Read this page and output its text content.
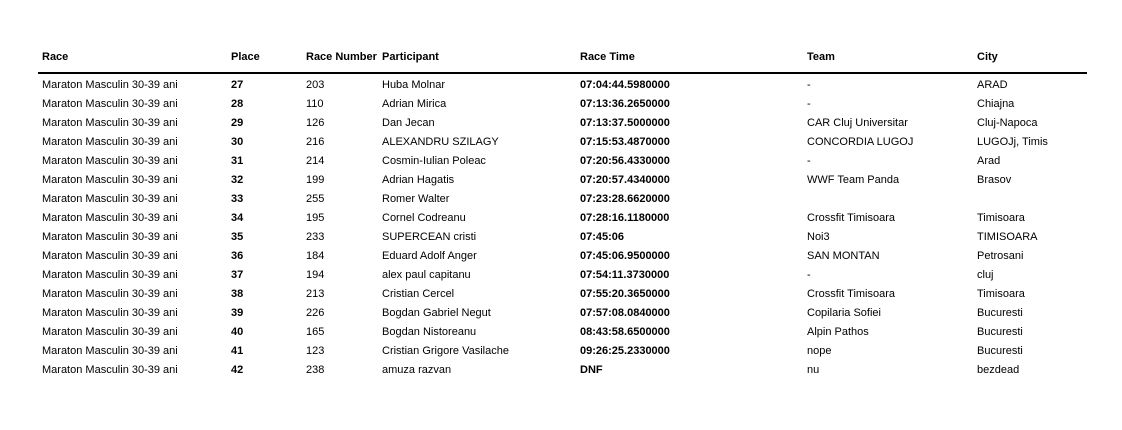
Race	Place	Race Number	Participant	Race Time	Team	City
Maraton Masculin 30-39 ani	27	203	Huba Molnar	07:04:44.5980000	-	ARAD
Maraton Masculin 30-39 ani	28	110	Adrian Mirica	07:13:36.2650000	-	Chiajna
Maraton Masculin 30-39 ani	29	126	Dan Jecan	07:13:37.5000000	CAR Cluj Universitar	Cluj-Napoca
Maraton Masculin 30-39 ani	30	216	ALEXANDRU SZILAGY	07:15:53.4870000	CONCORDIA LUGOJ	LUGOJj, Timis
Maraton Masculin 30-39 ani	31	214	Cosmin-Iulian Poleac	07:20:56.4330000	-	Arad
Maraton Masculin 30-39 ani	32	199	Adrian Hagatis	07:20:57.4340000	WWF Team Panda	Brasov
Maraton Masculin 30-39 ani	33	255	Romer Walter	07:23:28.6620000		
Maraton Masculin 30-39 ani	34	195	Cornel Codreanu	07:28:16.1180000	Crossfit Timisoara	Timisoara
Maraton Masculin 30-39 ani	35	233	SUPERCEAN cristi	07:45:06	Noi3	TIMISOARA
Maraton Masculin 30-39 ani	36	184	Eduard Adolf Anger	07:45:06.9500000	SAN MONTAN	Petrosani
Maraton Masculin 30-39 ani	37	194	alex paul capitanu	07:54:11.3730000	-	cluj
Maraton Masculin 30-39 ani	38	213	Cristian Cercel	07:55:20.3650000	Crossfit Timisoara	Timisoara
Maraton Masculin 30-39 ani	39	226	Bogdan Gabriel Negut	07:57:08.0840000	Copilaria Sofiei	Bucuresti
Maraton Masculin 30-39 ani	40	165	Bogdan Nistoreanu	08:43:58.6500000	Alpin Pathos	Bucuresti
Maraton Masculin 30-39 ani	41	123	Cristian Grigore Vasilache	09:26:25.2330000	nope	Bucuresti
Maraton Masculin 30-39 ani	42	238	amuza razvan	DNF	nu	bezdead
